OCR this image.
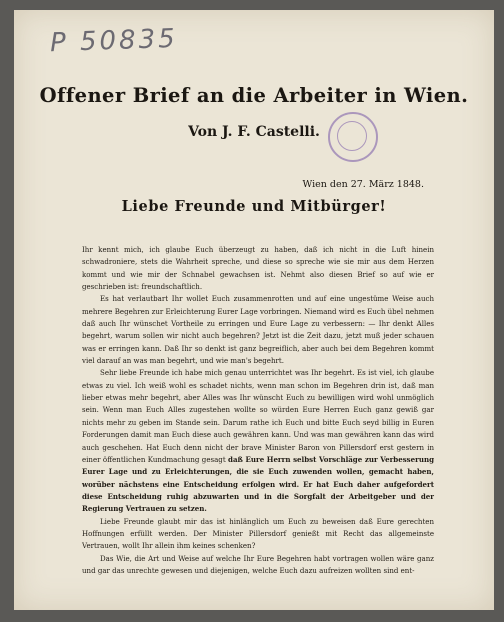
P 50835
Offener Brief an die Arbeiter in Wien.
Von J. F. Castelli.
Wien den 27. März 1848.
Liebe Freunde und Mitbürger!

Ihr kennt mich, ich glaube Euch überzeugt zu haben, daß ich nicht in die Luft hinein schwadroniere, stets die Wahrheit spreche, und diese so spreche wie sie mir aus dem Herzen kommt und wie mir der Schnabel gewachsen ist. Nehmt also diesen Brief so auf wie er geschrieben ist: freundschaftlich.

Es hat verlautbart Ihr wollet Euch zusammenrotten und auf eine ungestüme Weise auch mehrere Begehren zur Erleichterung Eurer Lage vorbringen. Niemand wird es Euch übel nehmen daß auch Ihr wünschet Vortheile zu erringen und Eure Lage zu verbessern: — Ihr denkt Alles begehrt, warum sollen wir nicht auch begehren? Jetzt ist die Zeit dazu, jetzt muß jeder schauen was er erringen kann. Daß Ihr so denkt ist ganz begreiflich, aber auch bei dem Begehren kommt viel darauf an was man begehrt, und wie man's begehrt.

Sehr liebe Freunde ich habe mich genau unterrichtet was Ihr begehrt. Es ist viel, ich glaube etwas zu viel. Ich weiß wohl es schadet nichts, wenn man schon im Begehren drin ist, daß man lieber etwas mehr begehrt, aber Alles was Ihr wünscht Euch zu bewilligen wird wohl unmöglich sein. Wenn man Euch Alles zugestehen wollte so würden Eure Herren Euch ganz gewiß gar nichts mehr zu geben im Stande sein. Darum rathe ich Euch und bitte Euch seyd billig in Euren Forderungen damit man Euch diese auch gewähren kann. Und was man gewähren kann das wird auch geschehen. Hat Euch denn nicht der brave Minister Baron von Pillersdorf erst gestern in einer öffentlichen Kundmachung gesagt daß Eure Herrn selbst Vorschläge zur Verbesserung Eurer Lage und zu Erleichterungen, die sie Euch zuwenden wollen, gemacht haben, worüber nächstens eine Entscheidung erfolgen wird. Er hat Euch daher aufgefordert diese Entscheidung ruhig abzuwarten und in die Sorgfalt der Arbeitgeber und der Regierung Vertrauen zu setzen.

Liebe Freunde glaubt mir das ist hinlänglich um Euch zu beweisen daß Eure gerechten Hoffnungen erfüllt werden. Der Minister Pillersdorf genießt mit Recht das allgemeinste Vertrauen, wollt Ihr allein ihm keines schenken?

Das Wie, die Art und Weise auf welche Ihr Eure Begehren habt vortragen wollen wäre ganz und gar das unrechte gewesen und diejenigen, welche Euch dazu aufreizen wollten sind ent-
